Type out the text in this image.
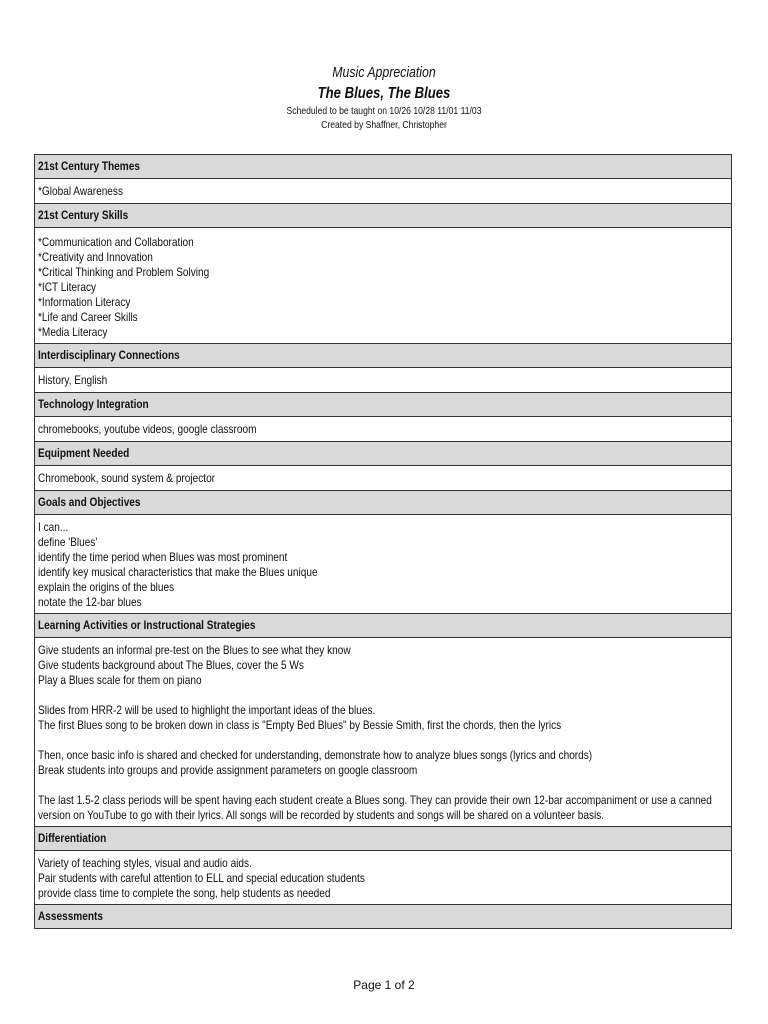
Music Appreciation
The Blues, The Blues
Scheduled to be taught on 10/26 10/28 11/01 11/03
Created by Shaffner, Christopher
21st Century Themes
*Global Awareness
21st Century Skills
*Communication and Collaboration *Creativity and Innovation *Critical Thinking and Problem Solving *ICT Literacy *Information Literacy *Life and Career Skills *Media Literacy
Interdisciplinary Connections
History, English
Technology Integration
chromebooks, youtube videos, google classroom
Equipment Needed
Chromebook, sound system & projector
Goals and Objectives
I can... define 'Blues' identify the time period when Blues was most prominent identify key musical characteristics that make the Blues unique explain the origins of the blues notate the 12-bar blues
Learning Activities or Instructional Strategies
Give students an informal pre-test on the Blues to see what they know Give students background about The Blues, cover the 5 Ws Play a Blues scale for them on piano
Slides from HRR-2 will be used to highlight the important ideas of the blues. The first Blues song to be broken down in class is "Empty Bed Blues" by Bessie Smith, first the chords, then the lyrics
Then, once basic info is shared and checked for understanding, demonstrate how to analyze blues songs (lyrics and chords) Break students into groups and provide assignment parameters on google classroom
The last 1.5-2 class periods will be spent having each student create a Blues song. They can provide their own 12-bar accompaniment or use a canned version on YouTube to go with their lyrics. All songs will be recorded by students and songs will be shared on a volunteer basis.
Differentiation
Variety of teaching styles, visual and audio aids. Pair students with careful attention to ELL and special education students provide class time to complete the song, help students as needed
Assessments
Page 1 of 2
